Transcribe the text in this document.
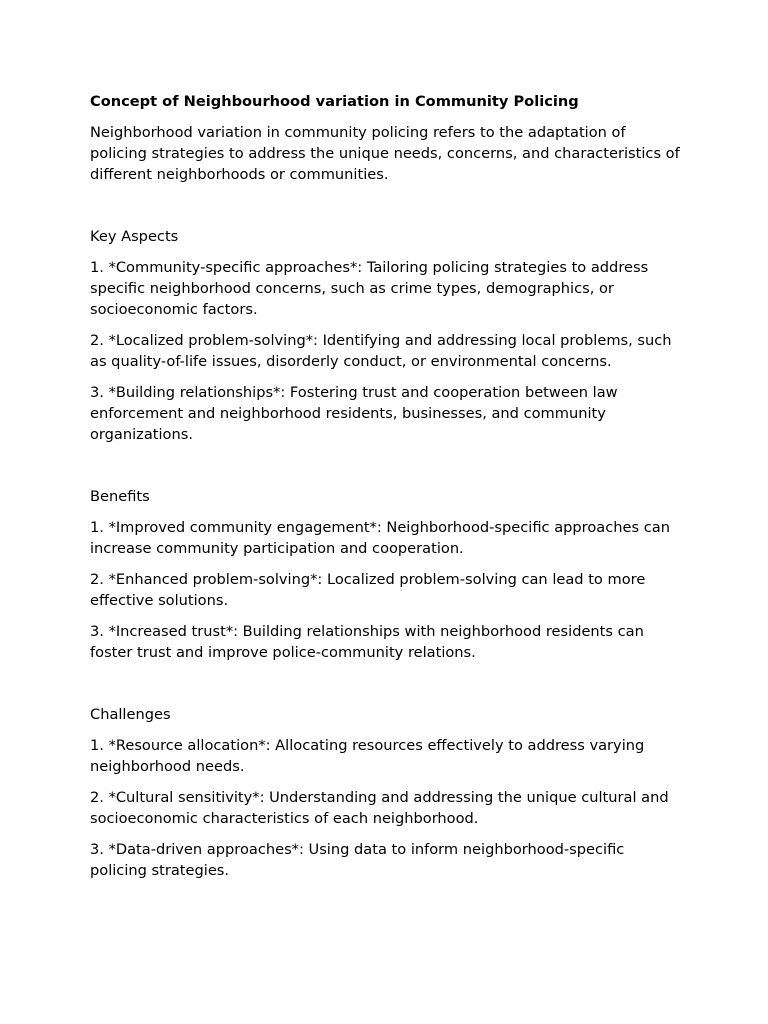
Concept of Neighbourhood variation in Community Policing
Neighborhood variation in community policing refers to the adaptation of policing strategies to address the unique needs, concerns, and characteristics of different neighborhoods or communities.
Key Aspects
1. *Community-specific approaches*: Tailoring policing strategies to address specific neighborhood concerns, such as crime types, demographics, or socioeconomic factors.
2. *Localized problem-solving*: Identifying and addressing local problems, such as quality-of-life issues, disorderly conduct, or environmental concerns.
3. *Building relationships*: Fostering trust and cooperation between law enforcement and neighborhood residents, businesses, and community organizations.
Benefits
1. *Improved community engagement*: Neighborhood-specific approaches can increase community participation and cooperation.
2. *Enhanced problem-solving*: Localized problem-solving can lead to more effective solutions.
3. *Increased trust*: Building relationships with neighborhood residents can foster trust and improve police-community relations.
Challenges
1. *Resource allocation*: Allocating resources effectively to address varying neighborhood needs.
2. *Cultural sensitivity*: Understanding and addressing the unique cultural and socioeconomic characteristics of each neighborhood.
3. *Data-driven approaches*: Using data to inform neighborhood-specific policing strategies.
